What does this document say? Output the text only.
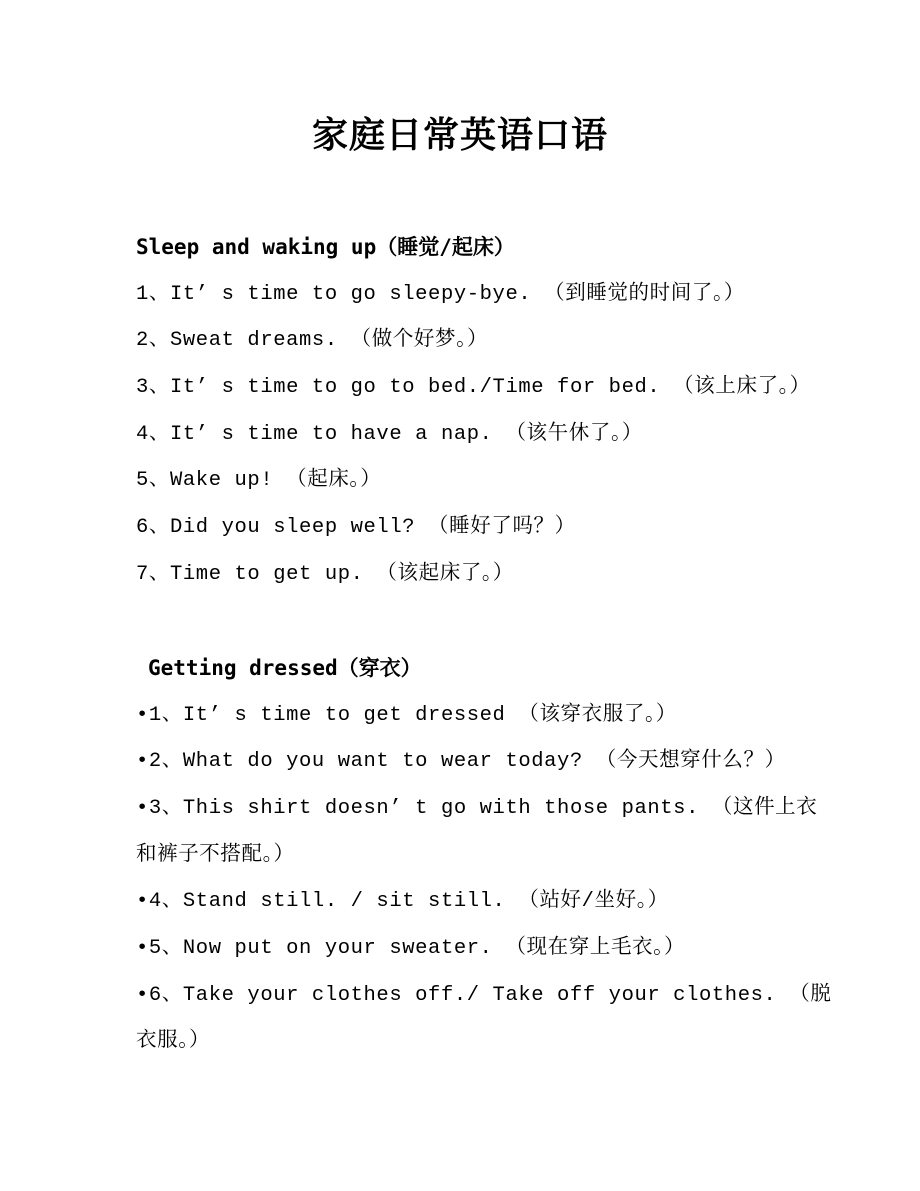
家庭日常英语口语
Sleep and waking up（睡觉/起床）
1、It’ s time to go sleepy-bye. （到睡觉的时间了。）
2、Sweat dreams. （做个好梦。）
3、It’ s time to go to bed./Time for bed. （该上床了。）
4、It’ s time to have a nap. （该午休了。）
5、Wake up! （起床。）
6、Did you sleep well? （睡好了吗？）
7、Time to get up. （该起床了。）
Getting dressed（穿衣）
•1、It’ s time to get dressed （该穿衣服了。）
•2、What do you want to wear today? （今天想穿什么？）
•3、This shirt doesn’ t go with those pants. （这件上衣
和裤子不搭配。）
•4、Stand still. / sit still. （站好/坐好。）
•5、Now put on your sweater. （现在穿上毛衣。）
•6、Take your clothes off./ Take off your clothes. （脱
衣服。）
